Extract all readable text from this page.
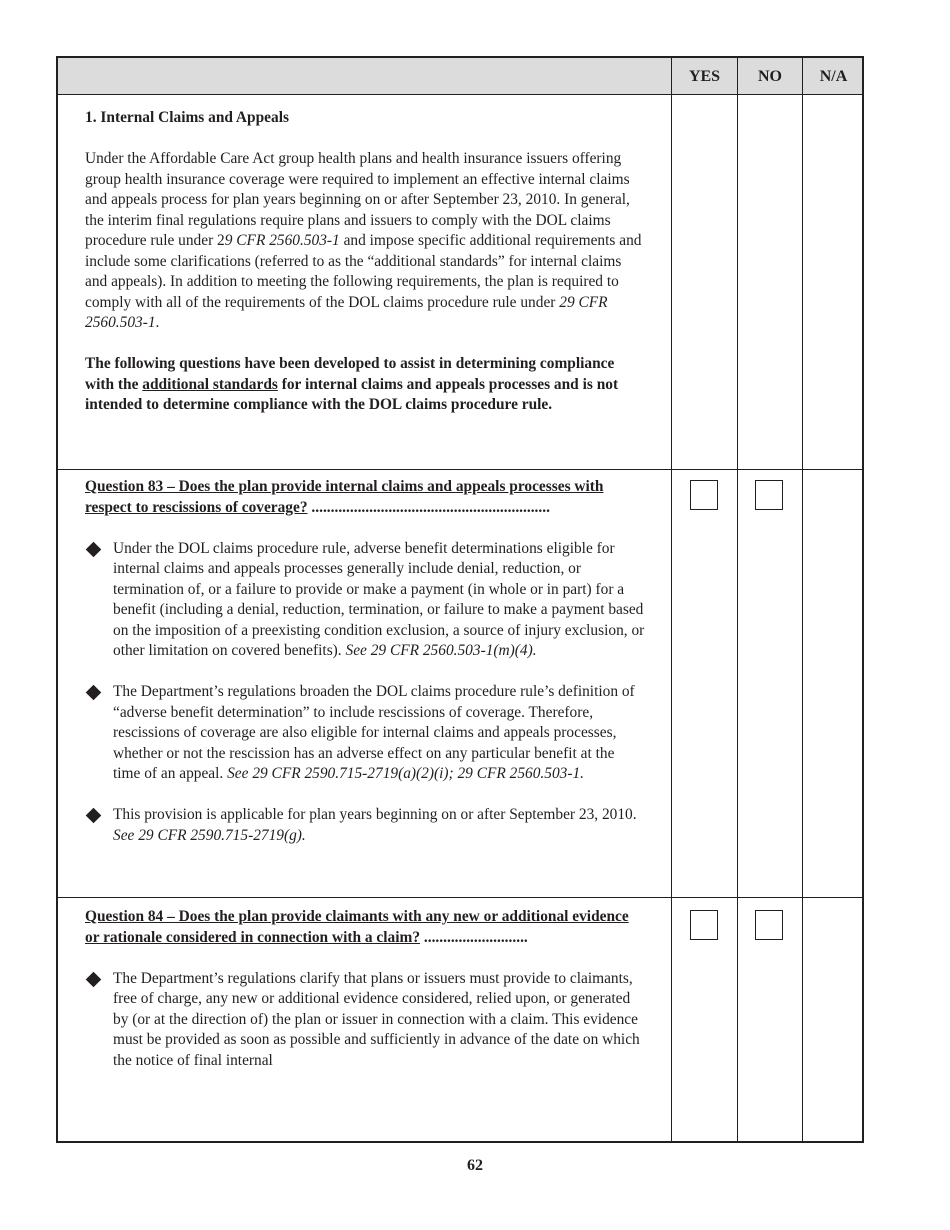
YES	NO	N/A

1. Internal Claims and Appeals

Under the Affordable Care Act group health plans and health insurance issuers offering group health insurance coverage were required to implement an effective internal claims and appeals process for plan years beginning on or after September 23, 2010. In general, the interim final regulations require plans and issuers to comply with the DOL claims procedure rule under 29 CFR 2560.503-1 and impose specific additional requirements and include some clarifications (referred to as the “additional standards” for internal claims and appeals). In addition to meeting the following requirements, the plan is required to comply with all of the requirements of the DOL claims procedure rule under 29 CFR 2560.503-1.

The following questions have been developed to assist in determining compliance with the additional standards for internal claims and appeals processes and is not intended to determine compliance with the DOL claims procedure rule.

Question 83 – Does the plan provide internal claims and appeals processes with respect to rescissions of coverage? ..............................................................

Under the DOL claims procedure rule, adverse benefit determinations eligible for internal claims and appeals processes generally include denial, reduction, or termination of, or a failure to provide or make a payment (in whole or in part) for a benefit (including a denial, reduction, termination, or failure to make a payment based on the imposition of a preexisting condition exclusion, a source of injury exclusion, or other limitation on covered benefits). See 29 CFR 2560.503-1(m)(4).
The Department’s regulations broaden the DOL claims procedure rule’s definition of “adverse benefit determination” to include rescissions of coverage. Therefore, rescissions of coverage are also eligible for internal claims and appeals processes, whether or not the rescission has an adverse effect on any particular benefit at the time of an appeal. See 29 CFR 2590.715-2719(a)(2)(i); 29 CFR 2560.503-1.
This provision is applicable for plan years beginning on or after September 23, 2010. See 29 CFR 2590.715-2719(g).

Question 84 – Does the plan provide claimants with any new or additional evidence or rationale considered in connection with a claim? ...........................

The Department’s regulations clarify that plans or issuers must provide to claimants, free of charge, any new or additional evidence considered, relied upon, or generated by (or at the direction of) the plan or issuer in connection with a claim. This evidence must be provided as soon as possible and sufficiently in advance of the date on which the notice of final internal
62
